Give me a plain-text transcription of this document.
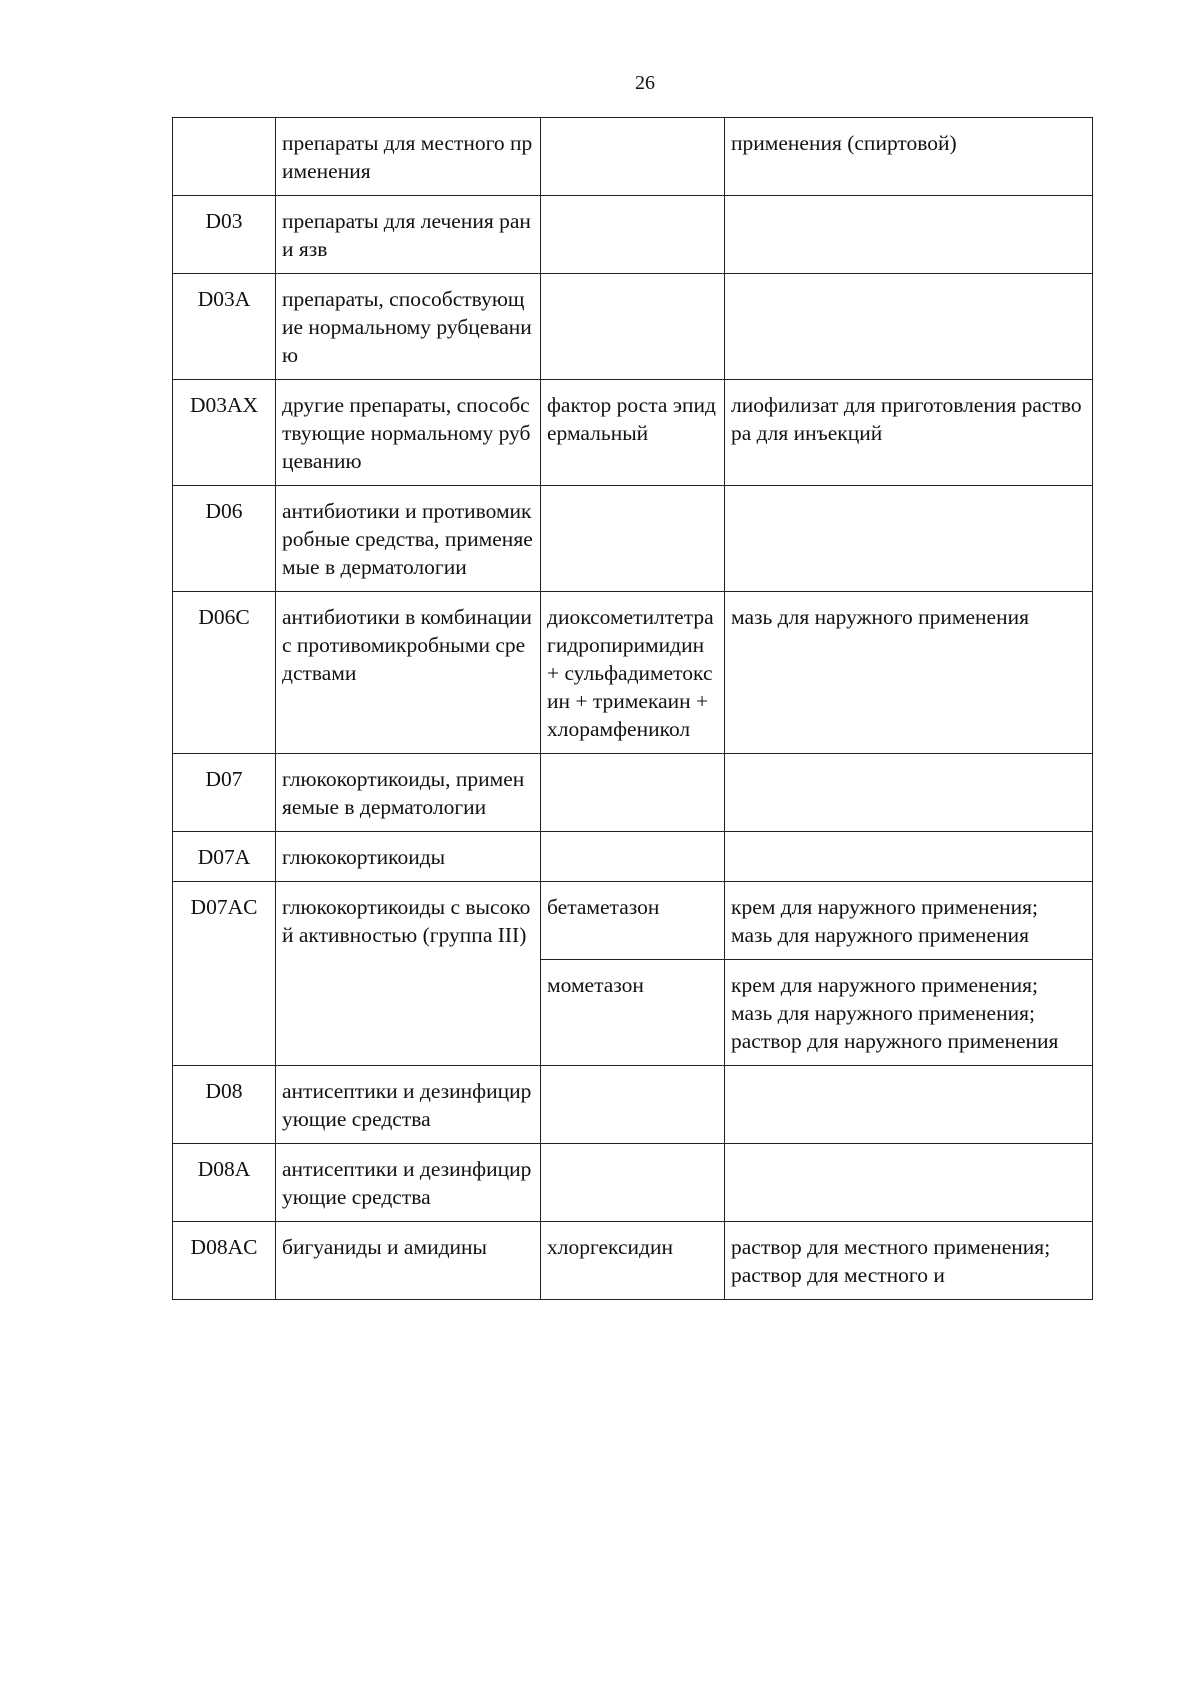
26
	препараты для местного применения		применения (спиртовой)

D03	препараты для лечения ран и язв		
D03A	препараты, способствующие нормальному рубцеванию		
D03AX	другие препараты, способствующие нормальному рубцеванию	фактор роста эпидермальный	лиофилизат для приготовления раствора для инъекций

D06	антибиотики и противомикробные средства, применяемые в дерматологии		
D06C	антибиотики в комбинации с противомикробными средствами	диоксометилтетрагидропиримидин + сульфадиметоксин + тримекаин + хлорамфеникол	мазь для наружного применения

D07	глюкокортикоиды, применяемые в дерматологии		
D07A	глюкокортикоиды		
D07AC	глюкокортикоиды с высокой активностью (группа III)	бетаметазон	крем для наружного применения;
мазь для наружного применения

		мометазон	крем для наружного применения;
мазь для наружного применения;
раствор для наружного применения

D08	антисептики и дезинфицирующие средства		
D08A	антисептики и дезинфицирующие средства		
D08AC	бигуаниды и амидины	хлоргексидин	раствор для местного применения;
раствор для местного и
